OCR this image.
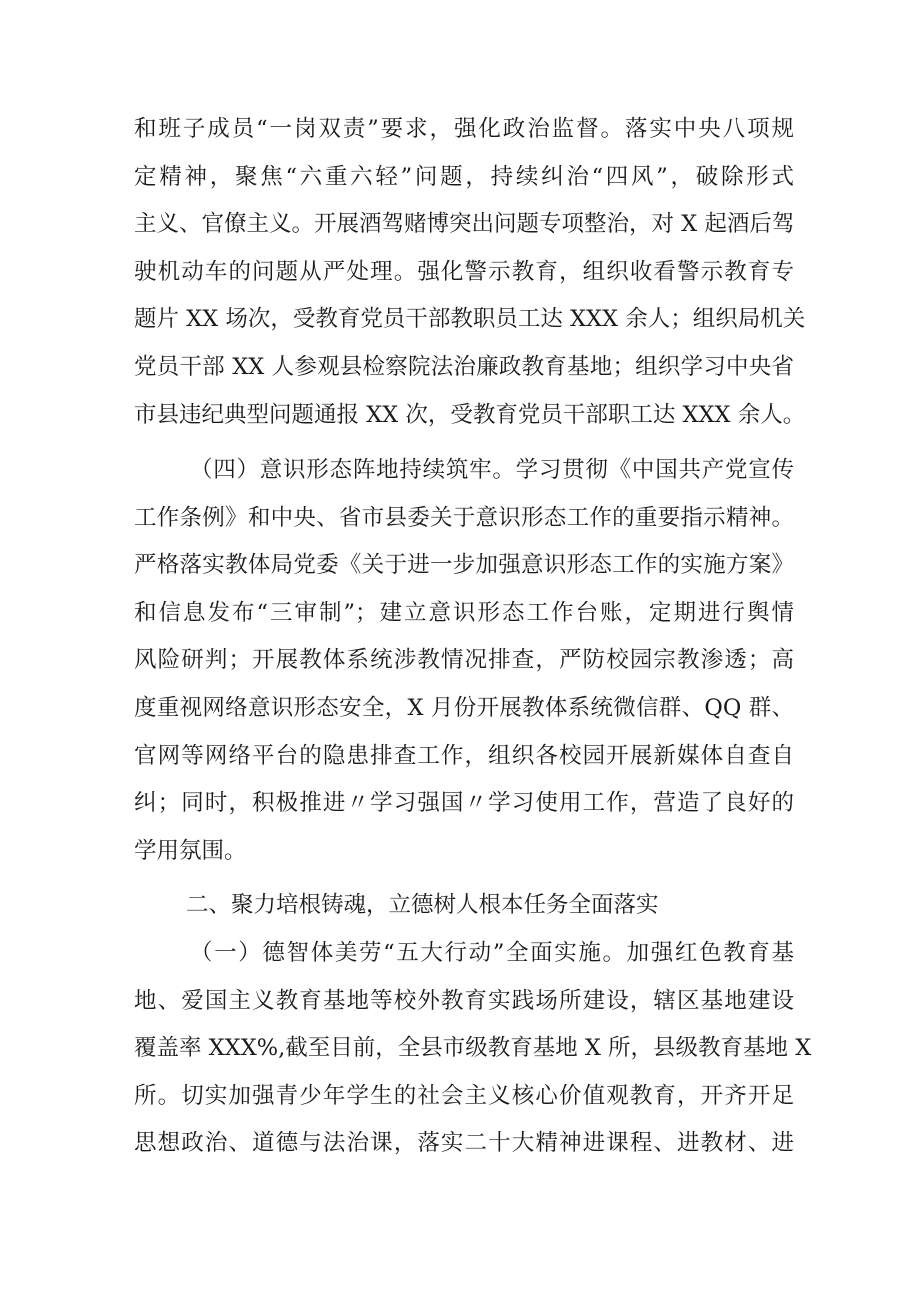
和班子成员“一岗双责”要求，强化政治监督。落实中央八项规
定精神，聚焦“六重六轻”问题，持续纠治“四风”，破除形式
主义、官僚主义。开展酒驾赌博突出问题专项整治，对 X 起酒后驾
驶机动车的问题从严处理。强化警示教育，组织收看警示教育专
题片 XX 场次，受教育党员干部教职员工达 XXX 余人；组织局机关
党员干部 XX 人参观县检察院法治廉政教育基地；组织学习中央省
市县违纪典型问题通报 XX 次，受教育党员干部职工达 XXX 余人。
（四）意识形态阵地持续筑牢。学习贯彻《中国共产党宣传
工作条例》和中央、省市县委关于意识形态工作的重要指示精神。
严格落实教体局党委《关于进一步加强意识形态工作的实施方案》
和信息发布“三审制”；建立意识形态工作台账，定期进行舆情
风险研判；开展教体系统涉教情况排查，严防校园宗教渗透；高
度重视网络意识形态安全，X 月份开展教体系统微信群、QQ 群、
官网等网络平台的隐患排查工作，组织各校园开展新媒体自查自
纠；同时，积极推进〃学习强国〃学习使用工作，营造了良好的
学用氛围。
二、聚力培根铸魂，立德树人根本任务全面落实
（一）德智体美劳“五大行动”全面实施。加强红色教育基
地、爱国主义教育基地等校外教育实践场所建设，辖区基地建设
覆盖率 XXX%,截至目前，全县市级教育基地 X 所，县级教育基地 X
所。切实加强青少年学生的社会主义核心价值观教育，开齐开足
思想政治、道德与法治课，落实二十大精神进课程、进教材、进
